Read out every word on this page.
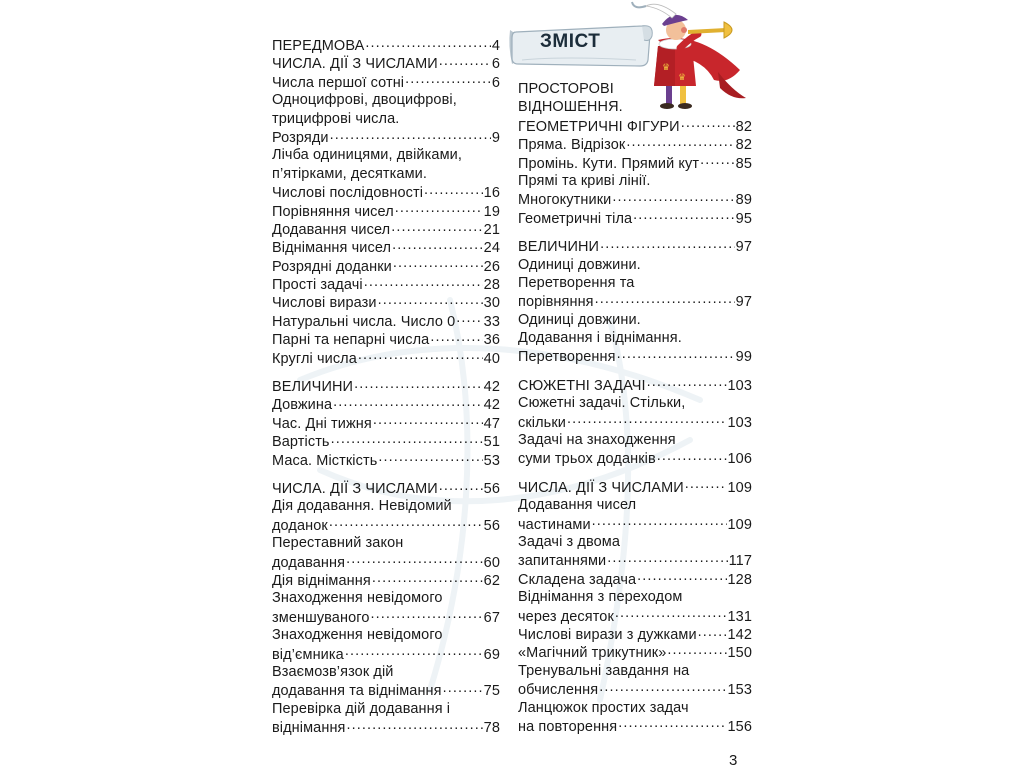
ПЕРЕДМОВА .....	4
ЧИСЛА. ДІЇ З ЧИСЛАМИ .....	6
Числа першої сотні .....	6
Одноцифрові, двоцифрові,
трицифрові числа.
Розряди .....	9
Лічба одиницями, двійками,
п’ятірками, десятками.
Числові послідовності .....	16
Порівняння чисел .....	19
Додавання чисел .....	21
Віднімання чисел .....	24
Розрядні доданки .....	26
Прості задачі .....	28
Числові вирази .....	30
Натуральні числа. Число 0 ..... 33
Парні та непарні числа .....	36
Круглі числа .....	40
ВЕЛИЧИНИ .....	42
Довжина .....	42
Час. Дні тижня .....	47
Вартість .....	51
Маса. Місткість .....	53
ЧИСЛА. ДІЇ З ЧИСЛАМИ .....	56
Дія додавання. Невідомий
доданок .....	56
Переставний закон
додавання .....	60
Дія віднімання .....	62
Знаходження невідомого
зменшуваного .....	67
Знаходження невідомого
від’ємника .....	69
Взаємозв’язок дій
додавання та віднімання .....	75
Перевірка дій додавання і
віднімання .....	78
ПРОСТОРОВІ
ВІДНОШЕННЯ.
ГЕОМЕТРИЧНІ ФІГУРИ .....	82
Пряма. Відрізок .....	82
Промінь. Кути. Прямий кут .....	85
Прямі та криві лінії.
Многокутники .....	89
Геометричні тіла .....	95
ВЕЛИЧИНИ .....	97
Одиниці довжини.
Перетворення та
порівняння .....	97
Одиниці довжини.
Додавання і віднімання.
Перетворення .....	99
СЮЖЕТНІ ЗАДАЧІ .....	103
Сюжетні задачі. Стільки,
скільки .....	103
Задачі на знаходження
суми трьох доданків .....	106
ЧИСЛА. ДІЇ З ЧИСЛАМИ .....	109
Додавання чисел
частинами .....	109
Задачі з двома
запитаннями .....	117
Складена задача .....	128
Віднімання з переходом
через десяток .....	131
Числові вирази з дужками ..... 142
«Магічний трикутник» .....	150
Тренувальні завдання на
обчислення .....	153
Ланцюжок простих задач
на повторення .....	156
ЗМІСТ
♛
♛
3
